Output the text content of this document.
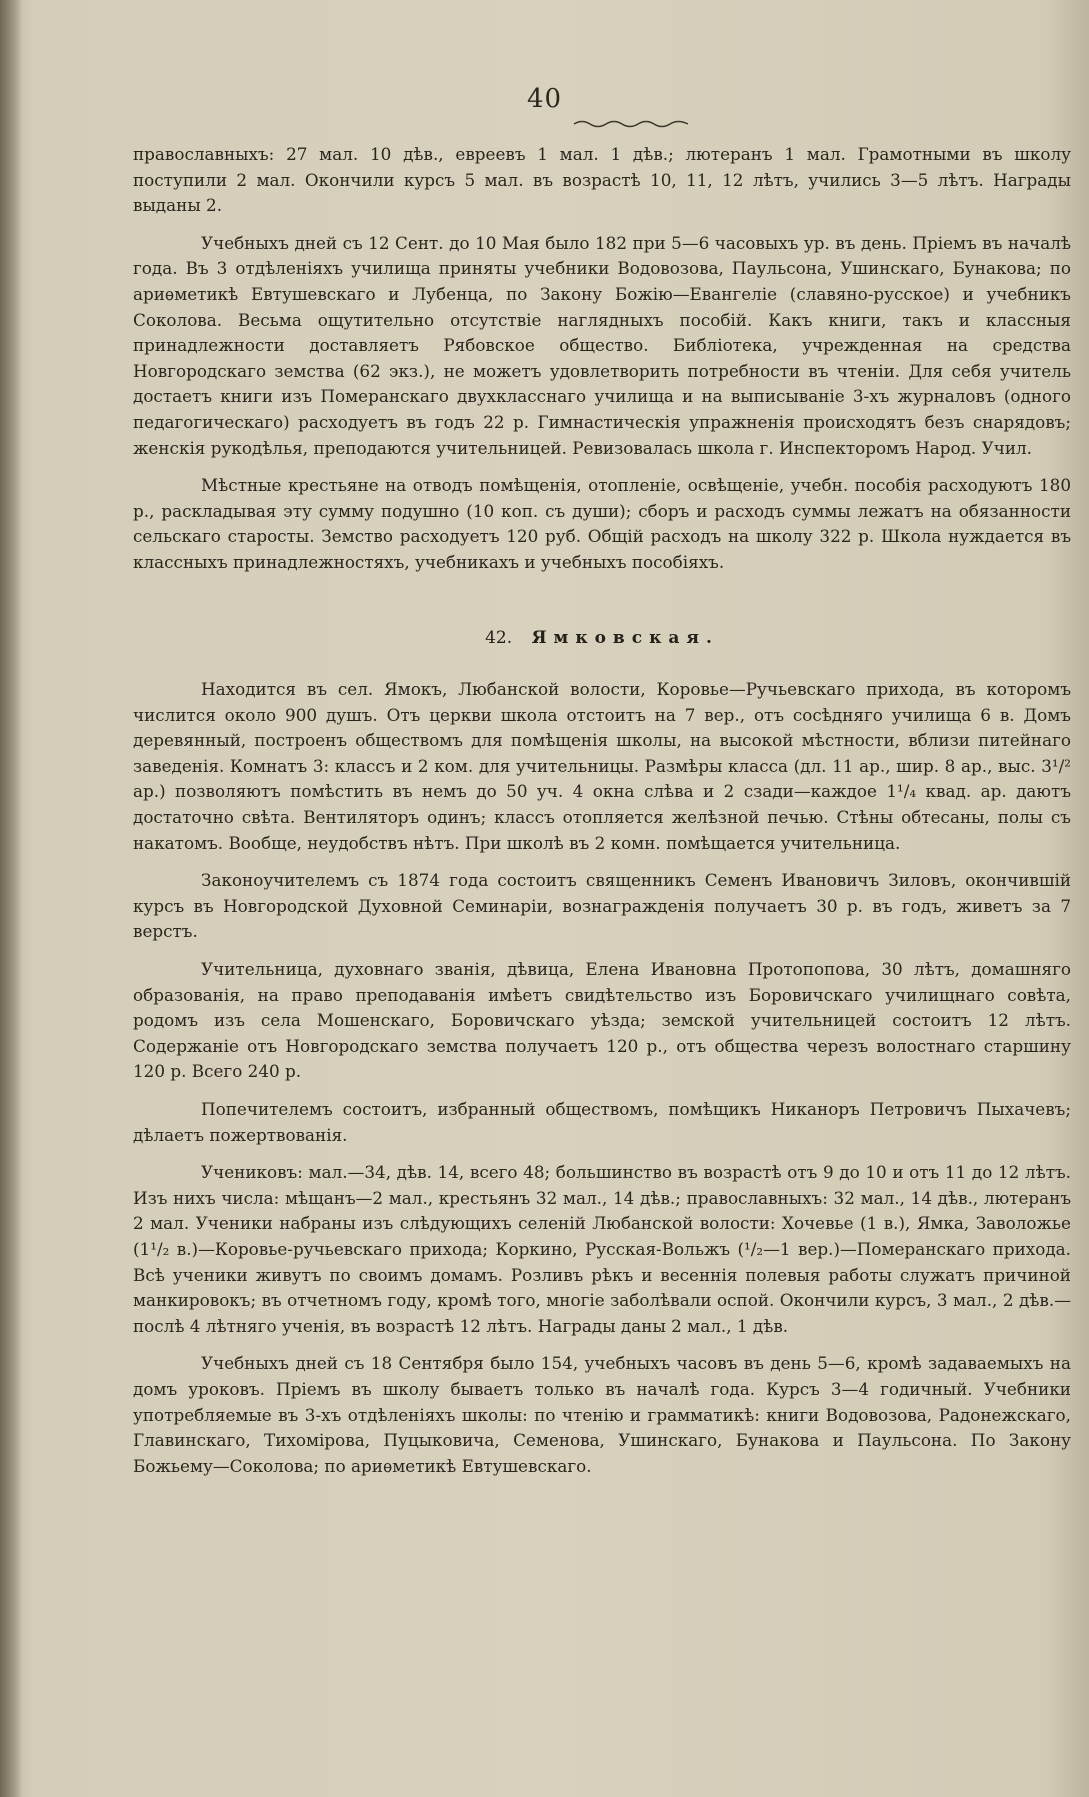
40

православныхъ: 27 мал. 10 дѣв., евреевъ 1 мал. 1 дѣв.; лютеранъ 1 мал. Грамотными въ школу поступили 2 мал. Окончили курсъ 5 мал. въ возрастѣ 10, 11, 12 лѣтъ, учились 3—5 лѣтъ. Награды выданы 2.

Учебныхъ дней съ 12 Сент. до 10 Мая было 182 при 5—6 часовыхъ ур. въ день. Пріемъ въ началѣ года. Въ 3 отдѣленіяхъ училища приняты учебники Водовозова, Паульсона, Ушинскаго, Бунакова; по ариѳметикѣ Евтушевскаго и Лубенца, по Закону Божію—Евангеліе (славяно-русское) и учебникъ Соколова. Весьма ощутительно отсутствіе наглядныхъ пособій. Какъ книги, такъ и классныя принадлежности доставляетъ Рябовское общество. Библіотека, учрежденная на средства Новгородскаго земства (62 экз.), не можетъ удовлетворить потребности въ чтеніи. Для себя учитель достаетъ книги изъ Померанскаго двухкласснаго училища и на выписываніе 3-хъ журналовъ (одного педагогическаго) расходуетъ въ годъ 22 р. Гимнастическія упражненія происходятъ безъ снарядовъ; женскія рукодѣлья, преподаются учительницей. Ревизовалась школа г. Инспекторомъ Народ. Учил.

Мѣстные крестьяне на отводъ помѣщенія, отопленіе, освѣщеніе, учебн. пособія расходуютъ 180 р., раскладывая эту сумму подушно (10 коп. съ души); сборъ и расходъ суммы лежатъ на обязанности сельскаго старосты. Земство расходуетъ 120 руб. Общій расходъ на школу 322 р. Школа нуждается въ классныхъ принадлежностяхъ, учебникахъ и учебныхъ пособіяхъ.

42. Ямковская.

Находится въ сел. Ямокъ, Любанской волости, Коровье—Ручьевскаго прихода, въ которомъ числится около 900 душъ. Отъ церкви школа отстоитъ на 7 вер., отъ сосѣдняго училища 6 в. Домъ деревянный, построенъ обществомъ для помѣщенія школы, на высокой мѣстности, вблизи питейнаго заведенія. Комнатъ 3: классъ и 2 ком. для учительницы. Размѣры класса (дл. 11 ар., шир. 8 ар., выс. 3¹/² ар.) позволяютъ помѣстить въ немъ до 50 уч. 4 окна слѣва и 2 сзади—каждое 1¹/₄ квад. ар. даютъ достаточно свѣта. Вентиляторъ одинъ; классъ отопляется желѣзной печью. Стѣны обтесаны, полы съ накатомъ. Вообще, неудобствъ нѣтъ. При школѣ въ 2 комн. помѣщается учительница.

Законоучителемъ съ 1874 года состоитъ священникъ Семенъ Ивановичъ Зиловъ, окончившій курсъ въ Новгородской Духовной Семинаріи, вознагражденія получаетъ 30 р. въ годъ, живетъ за 7 верстъ.

Учительница, духовнаго званія, дѣвица, Елена Ивановна Протопопова, 30 лѣтъ, домашняго образованія, на право преподаванія имѣетъ свидѣтельство изъ Боровичскаго училищнаго совѣта, родомъ изъ села Мошенскаго, Боровичскаго уѣзда; земской учительницей состоитъ 12 лѣтъ. Содержаніе отъ Новгородскаго земства получаетъ 120 р., отъ общества черезъ волостнаго старшину 120 р. Всего 240 р.

Попечителемъ состоитъ, избранный обществомъ, помѣщикъ Никаноръ Петровичъ Пыхачевъ; дѣлаетъ пожертвованія.

Учениковъ: мал.—34, дѣв. 14, всего 48; большинство въ возрастѣ отъ 9 до 10 и отъ 11 до 12 лѣтъ. Изъ нихъ числа: мѣщанъ—2 мал., крестьянъ 32 мал., 14 дѣв.; православныхъ: 32 мал., 14 дѣв., лютеранъ 2 мал. Ученики набраны изъ слѣдующихъ селеній Любанской волости: Хочевье (1 в.), Ямка, Заволожье (1¹/₂ в.)—Коровье-ручьевскаго прихода; Коркино, Русская-Вольжъ (¹/₂—1 вер.)—Померанскаго прихода. Всѣ ученики живутъ по своимъ домамъ. Розливъ рѣкъ и весеннія полевыя работы служатъ причиной манкировокъ; въ отчетномъ году, кромѣ того, многіе заболѣвали оспой. Окончили курсъ, 3 мал., 2 дѣв.—послѣ 4 лѣтняго ученія, въ возрастѣ 12 лѣтъ. Награды даны 2 мал., 1 дѣв.

Учебныхъ дней съ 18 Сентября было 154, учебныхъ часовъ въ день 5—6, кромѣ задаваемыхъ на домъ уроковъ. Пріемъ въ школу бываетъ только въ началѣ года. Курсъ 3—4 годичный. Учебники употребляемые въ 3-хъ отдѣленіяхъ школы: по чтенію и грамматикѣ: книги Водовозова, Радонежскаго, Главинскаго, Тихомірова, Пуцыковича, Семенова, Ушинскаго, Бунакова и Паульсона. По Закону Божьему—Соколова; по ариѳметикѣ Евтушевскаго.
